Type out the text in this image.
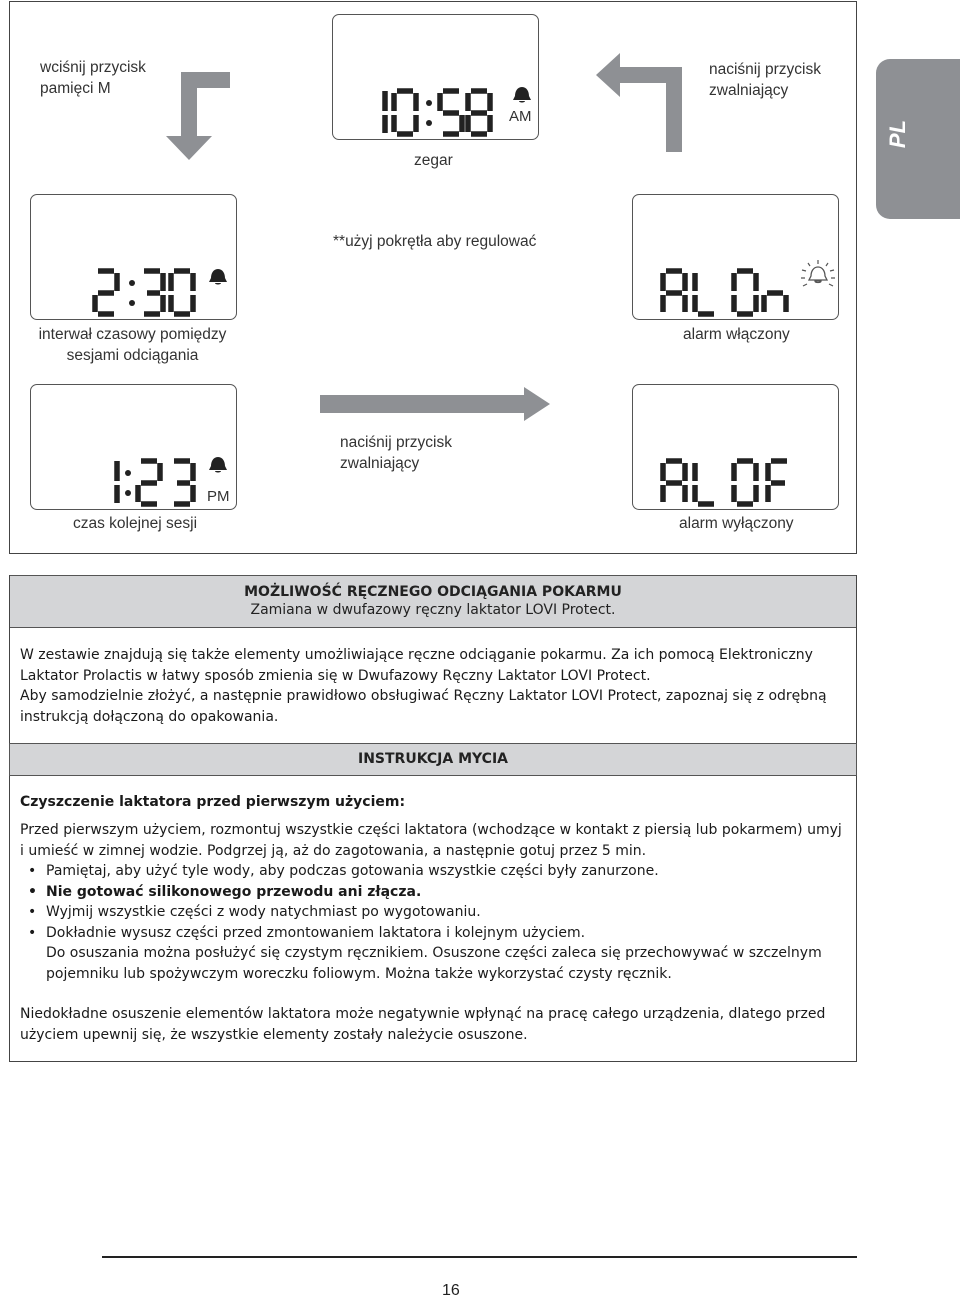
PL
wciśnij przycisk
pamięci M
naciśnij przycisk
zwalniający
AM
zegar
**użyj pokrętła aby regulować
interwał czasowy pomiędzy
sesjami odciągania
alarm włączony
naciśnij przycisk
zwalniający
PM
czas kolejnej sesji	alarm wyłączony
MOŻLIWOŚĆ RĘCZNEGO ODCIĄGANIA POKARMU
Zamiana w dwufazowy ręczny laktator LOVI Protect.
W zestawie znajdują się także elementy umożliwiające ręczne odciąganie pokarmu. Za ich pomocą Elektroniczny Laktator Prolactis w łatwy sposób zmienia się w Dwufazowy Ręczny Laktator LOVI Protect.
Aby samodzielnie złożyć, a następnie prawidłowo obsługiwać Ręczny Laktator LOVI Protect, zapoznaj się z odrębną instrukcją dołączoną do opakowania.
INSTRUKCJA MYCIA
Czyszczenie laktatora przed pierwszym użyciem:
Przed pierwszym użyciem, rozmontuj wszystkie części laktatora (wchodzące w kontakt z piersią lub pokarmem) umyj i umieść w zimnej wodzie. Podgrzej ją, aż do zagotowania, a następnie gotuj przez 5 min.
• Pamiętaj, aby użyć tyle wody, aby podczas gotowania wszystkie części były zanurzone.
• Nie gotować silikonowego przewodu ani złącza.
• Wyjmij wszystkie części z wody natychmiast po wygotowaniu.
• Dokładnie wysusz części przed zmontowaniem laktatora i kolejnym użyciem.
Do osuszania można posłużyć się czystym ręcznikiem. Osuszone części zaleca się przechowywać w szczelnym pojemniku lub spożywczym woreczku foliowym. Można także wykorzystać czysty ręcznik.
Niedokładne osuszenie elementów laktatora może negatywnie wpłynąć na pracę całego urządzenia, dlatego przed użyciem upewnij się, że wszystkie elementy zostały należycie osuszone.
16
